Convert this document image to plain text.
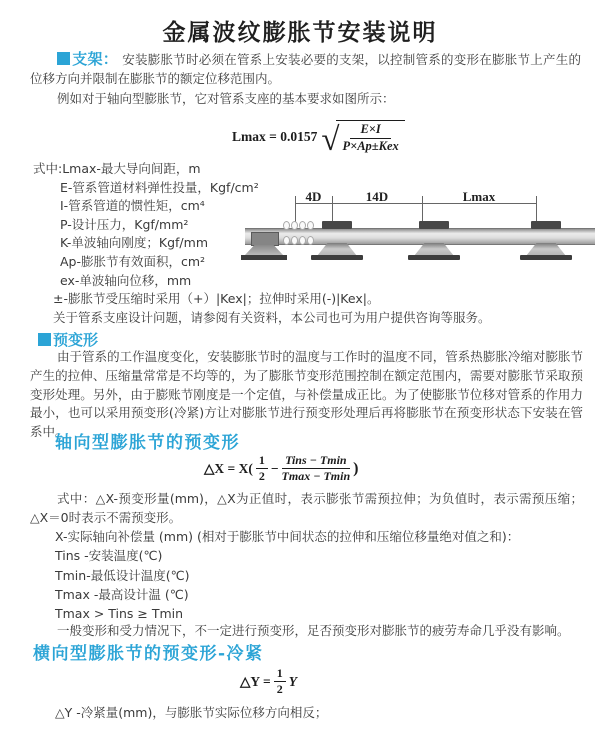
金属波纹膨胀节安装说明

支架： 安装膨胀节时必须在管系上安装必要的支架，以控制管系的变形在膨胀节上产生的位移方向并限制在膨胀节的额定位移范围内。

例如对于轴向型膨胀节，它对管系支座的基本要求如图所示：

Lmax = 0.0157 √	E×I
P×Ap±Kex
式中:Lmax-最大导向间距，m
E-管系管道材料弹性投量，Kgf/cm²
I-管系管道的惯性矩，cm⁴
P-设计压力，Kgf/mm²
K-单波轴向刚度；Kgf/mm
Ap-膨胀节有效面积，cm²
ex-单波轴向位移，mm
±-膨胀节受压缩时采用（+）|Kex|；拉伸时采用(-)|Kex|。
关于管系支座设计问题，请参阅有关资料，本公司也可为用户提供咨询等服务。
4D	14D	Lmax
预变形

由于管系的工作温度变化，安装膨胀节时的温度与工作时的温度不同，管系热膨胀冷缩对膨胀节产生的拉伸、压缩量常常是不均等的，为了膨胀节变形范围控制在额定范围内，需要对膨胀节采取预变形处理。另外，由于膨账节刚度是一个定值，与补偿量成正比。为了使膨胀节位移对管系的作用力最小，也可以采用预变形(冷紧)方让对膨胀节进行预变形处理后再将膨胀节在预变形状态下安装在管系中。

轴向型膨胀节的预变形
△X = $X( \frac{1}{2} - \frac{\text{Tins − Tmin}}{Tmax - Tmin}$ )

式中：△X-预变形量(mm)，△X为正值时，表示膨张节需预拉伸；为负值时，表示需预压缩；△X＝0时表示不需预变形。

X-实际轴向补偿量 (mm) (相对于膨胀节中间状态的拉伸和压缩位移量绝对值之和)：
Tins -安装温度(℃)
Tmin-最低设计温度(℃)
Tmax -最高设计温 (℃)
Tmax > Tins ≥ Tmin

一般变形和受力情况下，不一定进行预变形，足否预变形对膨胀节的疲劳寿命几乎没有影响。

横向型膨胀节的预变形-冷紧
△Y = $\frac{1}{2}$ Y
△Y -冷紧量(mm)，与膨胀节实际位移方向相反；
